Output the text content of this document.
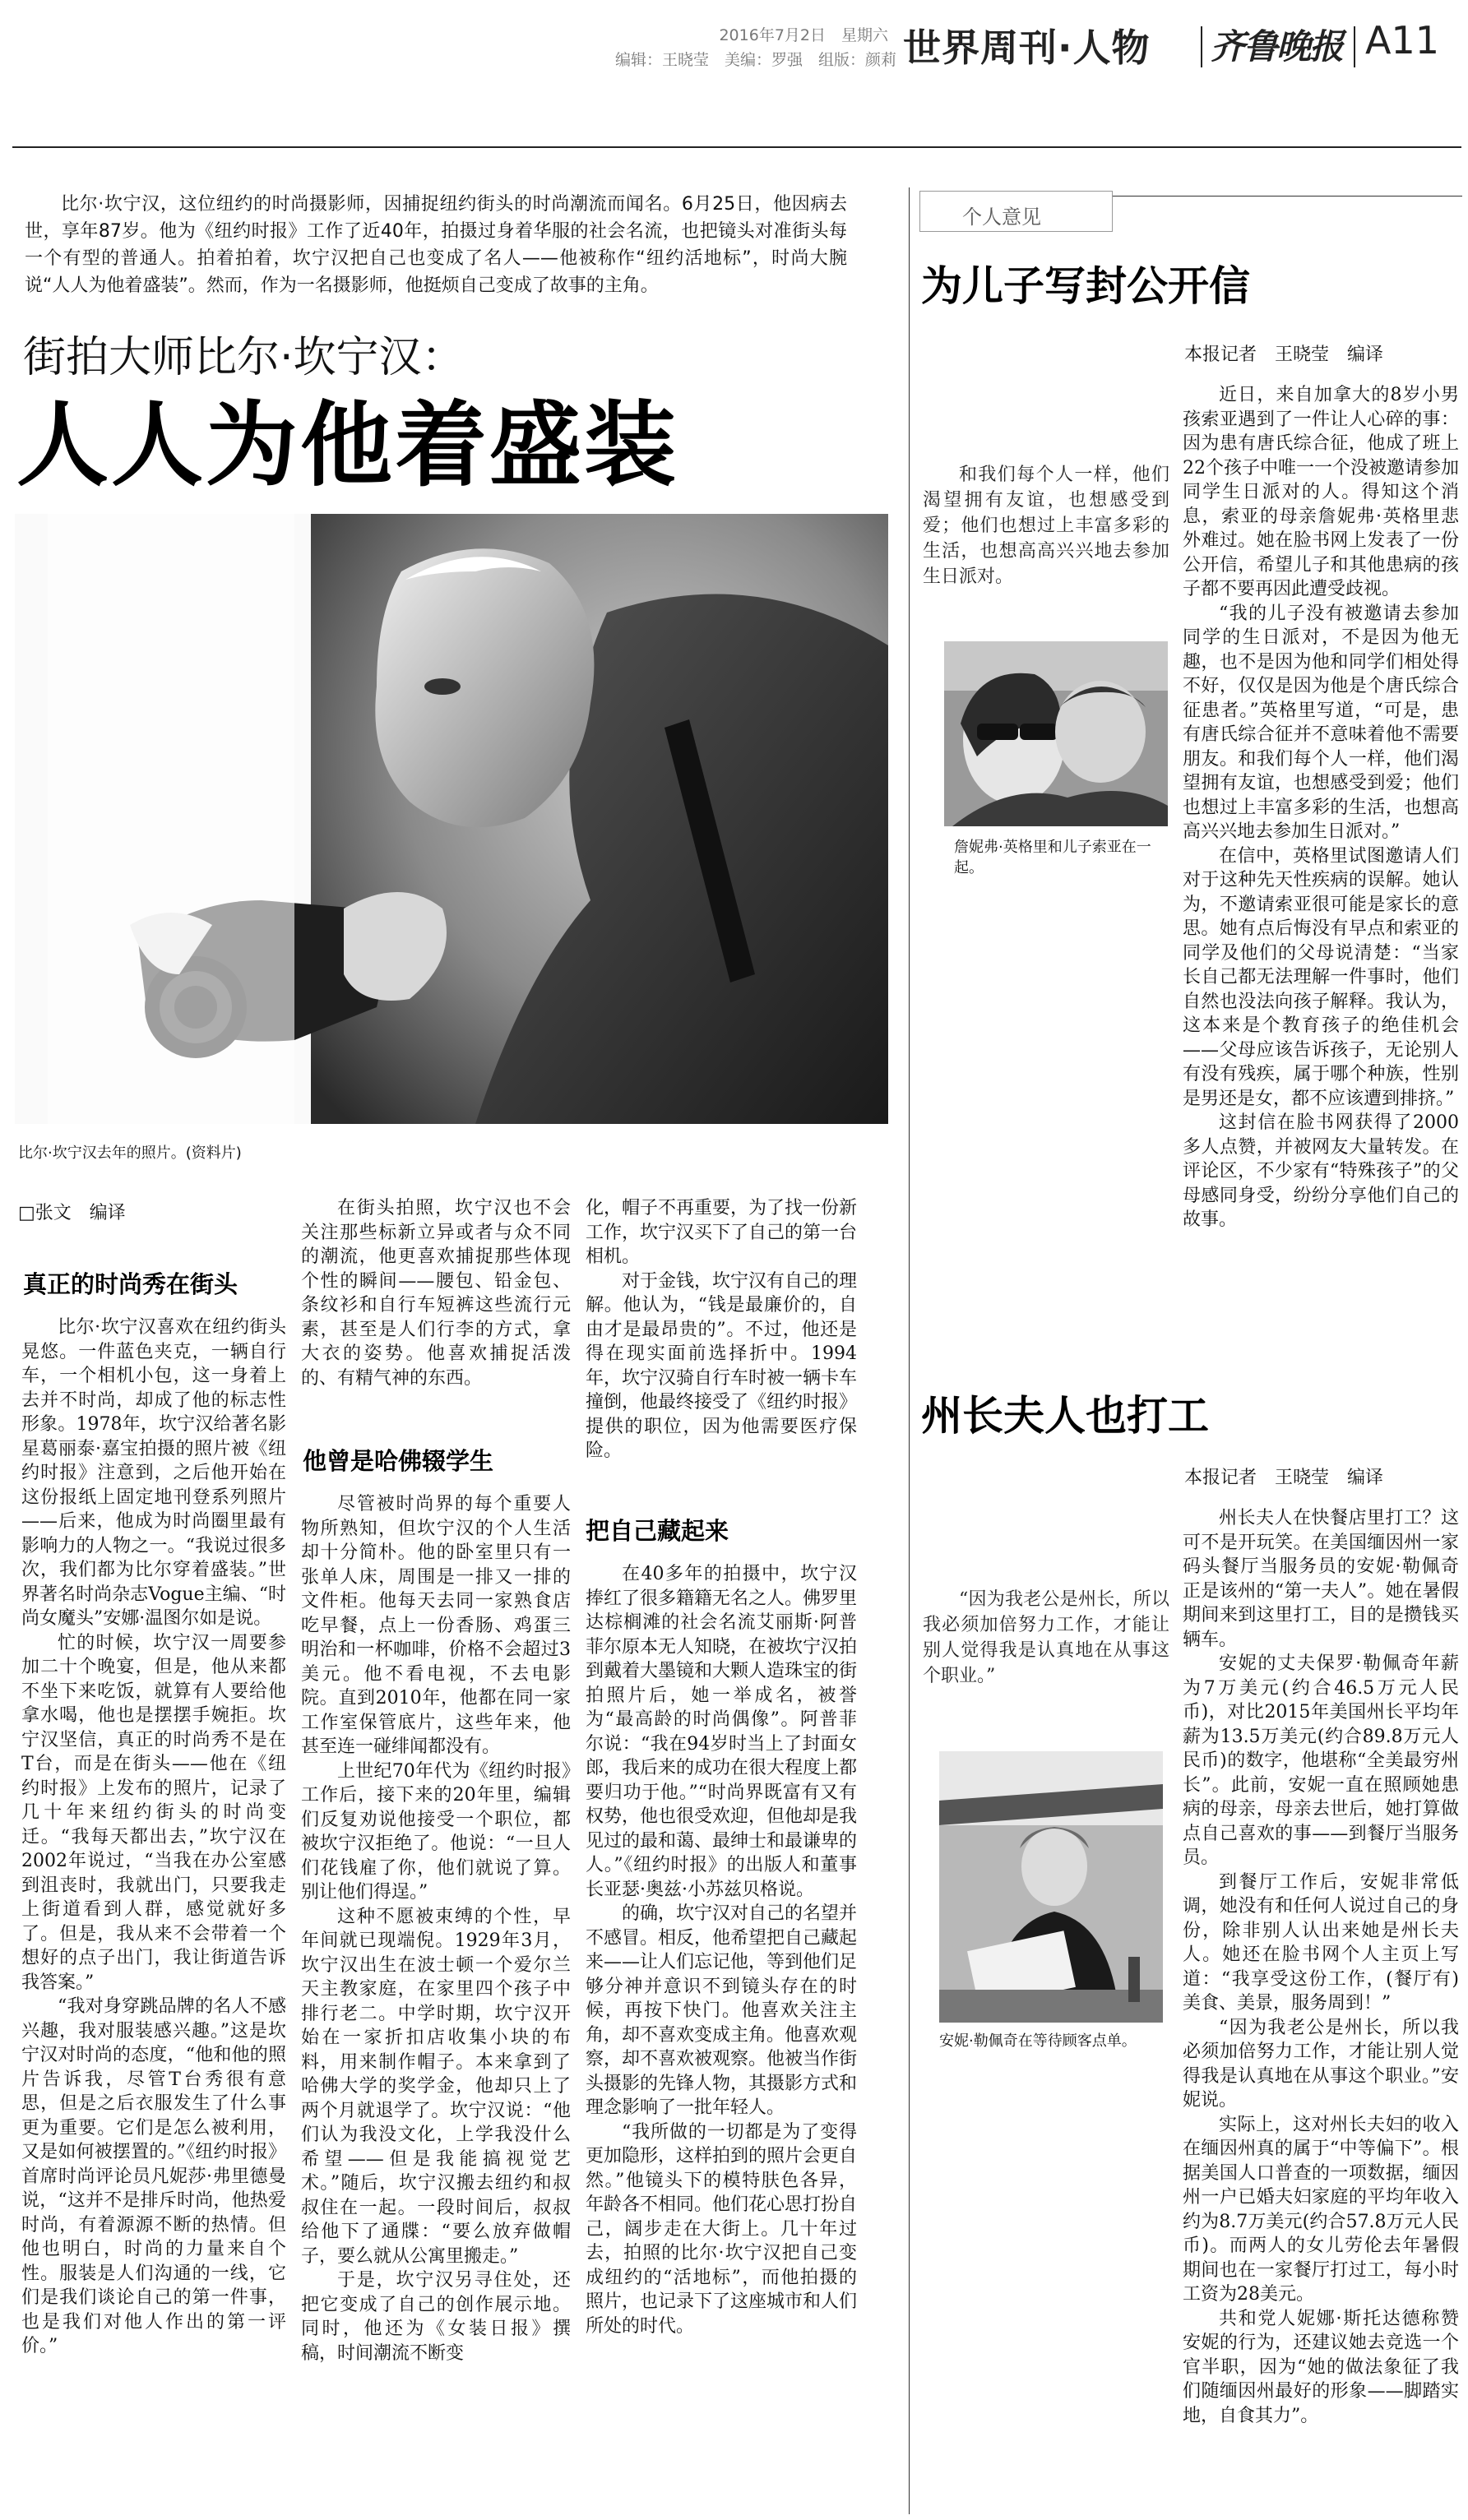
2016年7月2日　星期六
编辑：王晓莹　美编：罗强　组版：颜莉 世界周刊·人物 齐鲁晚报 A11
比尔·坎宁汉，这位纽约的时尚摄影师，因捕捉纽约街头的时尚潮流而闻名。6月25日，他因病去世，享年87岁。他为《纽约时报》工作了近40年，拍摄过身着华服的社会名流，也把镜头对准街头每一个有型的普通人。拍着拍着，坎宁汉把自己也变成了名人——他被称作“纽约活地标”，时尚大腕说“人人为他着盛装”。然而，作为一名摄影师，他挺烦自己变成了故事的主角。
街拍大师比尔·坎宁汉：
人人为他着盛装
比尔·坎宁汉去年的照片。(资料片)
□张文　编译
真正的时尚秀在街头

比尔·坎宁汉喜欢在纽约街头晃悠。一件蓝色夹克，一辆自行车，一个相机小包，这一身着上去并不时尚，却成了他的标志性形象。1978年，坎宁汉给著名影星葛丽泰·嘉宝拍摄的照片被《纽约时报》注意到，之后他开始在这份报纸上固定地刊登系列照片——后来，他成为时尚圈里最有影响力的人物之一。“我说过很多次，我们都为比尔穿着盛装。”世界著名时尚杂志Vogue主编、“时尚女魔头”安娜·温图尔如是说。

忙的时候，坎宁汉一周要参加二十个晚宴，但是，他从来都不坐下来吃饭，就算有人要给他拿水喝，他也是摆摆手婉拒。坎宁汉坚信，真正的时尚秀不是在T台，而是在街头——他在《纽约时报》上发布的照片，记录了几十年来纽约街头的时尚变迁。“我每天都出去，”坎宁汉在2002年说过，“当我在办公室感到沮丧时，我就出门，只要我走上街道看到人群，感觉就好多了。但是，我从来不会带着一个想好的点子出门，我让街道告诉我答案。”

“我对身穿跳品牌的名人不感兴趣，我对服装感兴趣。”这是坎宁汉对时尚的态度，“他和他的照片告诉我，尽管T台秀很有意思，但是之后衣服发生了什么事更为重要。它们是怎么被利用，又是如何被摆置的。”《纽约时报》首席时尚评论员凡妮莎·弗里德曼说，“这并不是排斥时尚，他热爱时尚，有着源源不断的热情。但他也明白，时尚的力量来自个性。服装是人们沟通的一线，它们是我们谈论自己的第一件事，也是我们对他人作出的第一评价。”

在街头拍照，坎宁汉也不会关注那些标新立异或者与众不同的潮流，他更喜欢捕捉那些体现个性的瞬间——腰包、铅金包、条纹衫和自行车短裤这些流行元素，甚至是人们行李的方式，拿大衣的姿势。他喜欢捕捉活泼的、有精气神的东西。

他曾是哈佛辍学生

尽管被时尚界的每个重要人物所熟知，但坎宁汉的个人生活却十分简朴。他的卧室里只有一张单人床，周围是一排又一排的文件柜。他每天去同一家熟食店吃早餐，点上一份香肠、鸡蛋三明治和一杯咖啡，价格不会超过3美元。他不看电视，不去电影院。直到2010年，他都在同一家工作室保管底片，这些年来，他甚至连一碰绯闻都没有。

上世纪70年代为《纽约时报》工作后，接下来的20年里，编辑们反复劝说他接受一个职位，都被坎宁汉拒绝了。他说：“一旦人们花钱雇了你，他们就说了算。别让他们得逞。”

这种不愿被束缚的个性，早年间就已现端倪。1929年3月，坎宁汉出生在波士顿一个爱尔兰天主教家庭，在家里四个孩子中排行老二。中学时期，坎宁汉开始在一家折扣店收集小块的布料，用来制作帽子。本来拿到了哈佛大学的奖学金，他却只上了两个月就退学了。坎宁汉说：“他们认为我没文化，上学我没什么希望——但是我能搞视觉艺术。”随后，坎宁汉搬去纽约和叔叔住在一起。一段时间后，叔叔给他下了通牒：“要么放弃做帽子，要么就从公寓里搬走。”

于是，坎宁汉另寻住处，还把它变成了自己的创作展示地。同时，他还为《女装日报》撰稿，时间潮流不断变

化，帽子不再重要，为了找一份新工作，坎宁汉买下了自己的第一台相机。

对于金钱，坎宁汉有自己的理解。他认为，“钱是最廉价的，自由才是最昂贵的”。不过，他还是得在现实面前选择折中。1994年，坎宁汉骑自行车时被一辆卡车撞倒，他最终接受了《纽约时报》提供的职位，因为他需要医疗保险。

把自己藏起来

在40多年的拍摄中，坎宁汉捧红了很多籍籍无名之人。佛罗里达棕榈滩的社会名流艾丽斯·阿普菲尔原本无人知晓，在被坎宁汉拍到戴着大墨镜和大颗人造珠宝的街拍照片后，她一举成名，被誉为“最高龄的时尚偶像”。阿普菲尔说：“我在94岁时当上了封面女郎，我后来的成功在很大程度上都要归功于他。”“时尚界既富有又有权势，他也很受欢迎，但他却是我见过的最和蔼、最绅士和最谦卑的人。”《纽约时报》的出版人和董事长亚瑟·奥兹·小苏兹贝格说。

的确，坎宁汉对自己的名望并不感冒。相反，他希望把自己藏起来——让人们忘记他，等到他们足够分神并意识不到镜头存在的时候，再按下快门。他喜欢关注主角，却不喜欢变成主角。他喜欢观察，却不喜欢被观察。他被当作街头摄影的先锋人物，其摄影方式和理念影响了一批年轻人。

“我所做的一切都是为了变得更加隐形，这样拍到的照片会更自然。”他镜头下的模特肤色各异，年龄各不相同。他们花心思打扮自己，阔步走在大街上。几十年过去，拍照的比尔·坎宁汉把自己变成纽约的“活地标”，而他拍摄的照片，也记录下了这座城市和人们所处的时代。

个人意见
为儿子写封公开信
本报记者　王晓莹　编译
和我们每个人一样，他们渴望拥有友谊，也想感受到爱；他们也想过上丰富多彩的生活，也想高高兴兴地去参加生日派对。
詹妮弗·英格里和儿子索亚在一起。

近日，来自加拿大的8岁小男孩索亚遇到了一件让人心碎的事：因为患有唐氏综合征，他成了班上22个孩子中唯一一个没被邀请参加同学生日派对的人。得知这个消息，索亚的母亲詹妮弗·英格里悲外难过。她在脸书网上发表了一份公开信，希望儿子和其他患病的孩子都不要再因此遭受歧视。

“我的儿子没有被邀请去参加同学的生日派对，不是因为他无趣，也不是因为他和同学们相处得不好，仅仅是因为他是个唐氏综合征患者。”英格里写道，“可是，患有唐氏综合征并不意味着他不需要朋友。和我们每个人一样，他们渴望拥有友谊，也想感受到爱；他们也想过上丰富多彩的生活，也想高高兴兴地去参加生日派对。”

在信中，英格里试图邀请人们对于这种先天性疾病的误解。她认为，不邀请索亚很可能是家长的意思。她有点后悔没有早点和索亚的同学及他们的父母说清楚：“当家长自己都无法理解一件事时，他们自然也没法向孩子解释。我认为，这本来是个教育孩子的绝佳机会——父母应该告诉孩子，无论别人有没有残疾，属于哪个种族，性别是男还是女，都不应该遭到排挤。”

这封信在脸书网获得了2000多人点赞，并被网友大量转发。在评论区，不少家有“特殊孩子”的父母感同身受，纷纷分享他们自己的故事。

州长夫人也打工
本报记者　王晓莹　编译
“因为我老公是州长，所以我必须加倍努力工作，才能让别人觉得我是认真地在从事这个职业。”
安妮·勒佩奇在等待顾客点单。

州长夫人在快餐店里打工？这可不是开玩笑。在美国缅因州一家码头餐厅当服务员的安妮·勒佩奇正是该州的“第一夫人”。她在暑假期间来到这里打工，目的是攒钱买辆车。

安妮的丈夫保罗·勒佩奇年薪为7万美元(约合46.5万元人民币)，对比2015年美国州长平均年薪为13.5万美元(约合89.8万元人民币)的数字，他堪称“全美最穷州长”。此前，安妮一直在照顾她患病的母亲，母亲去世后，她打算做点自己喜欢的事——到餐厅当服务员。

到餐厅工作后，安妮非常低调，她没有和任何人说过自己的身份，除非别人认出来她是州长夫人。她还在脸书网个人主页上写道：“我享受这份工作，(餐厅有)美食、美景，服务周到！”

“因为我老公是州长，所以我必须加倍努力工作，才能让别人觉得我是认真地在从事这个职业。”安妮说。

实际上，这对州长夫妇的收入在缅因州真的属于“中等偏下”。根据美国人口普查的一项数据，缅因州一户已婚夫妇家庭的平均年收入约为8.7万美元(约合57.8万元人民币)。而两人的女儿劳伦去年暑假期间也在一家餐厅打过工，每小时工资为28美元。

共和党人妮娜·斯托达德称赞安妮的行为，还建议她去竞选一个官半职，因为“她的做法象征了我们随缅因州最好的形象——脚踏实地，自食其力”。
